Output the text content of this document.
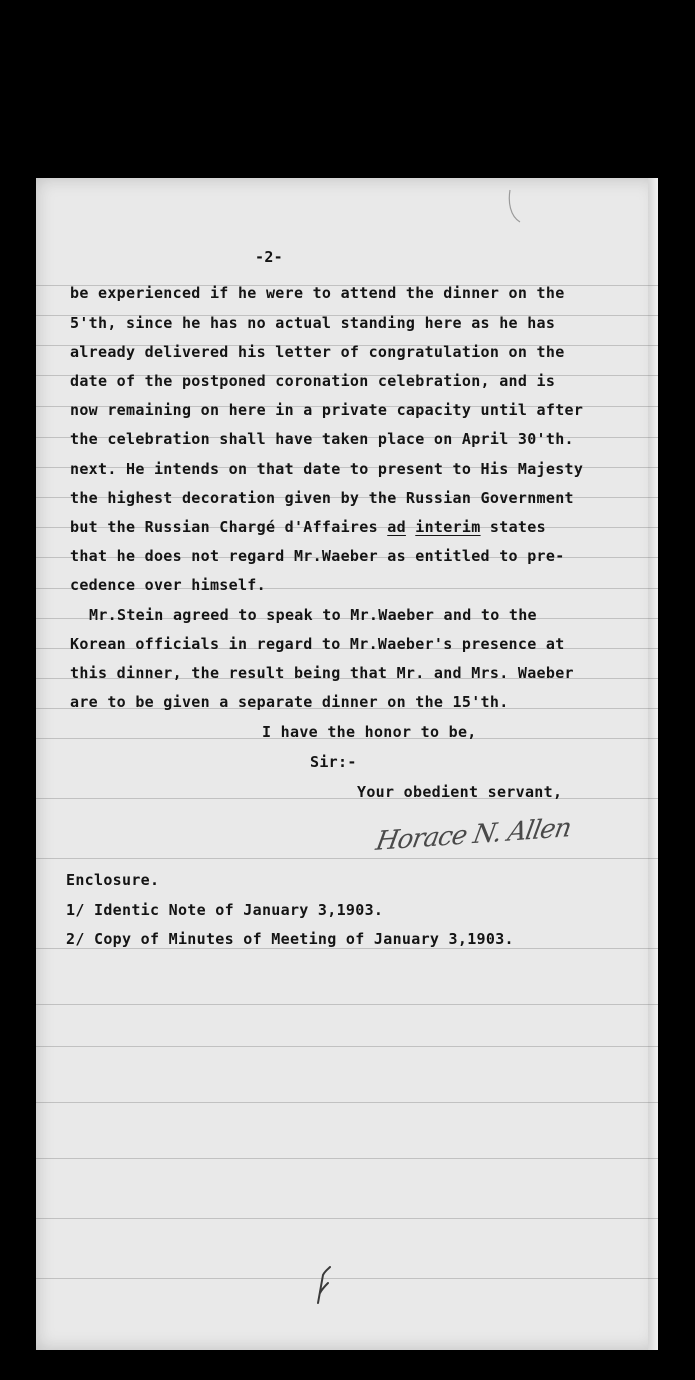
-2-
be experienced if he were to attend the dinner on the
5'th, since he has no actual standing here as he has
already delivered his letter of congratulation on the
date of the postponed coronation celebration, and is
now remaining on here in a private capacity until after
the celebration shall have taken place on April 30'th.
next. He intends on that date to present to His Majesty
the highest decoration given by the Russian Government
but the Russian Chargé d'Affaires ad interim states
that he does not regard Mr.Waeber as entitled to pre-
cedence over himself.
Mr.Stein agreed to speak to Mr.Waeber and to the
Korean officials in regard to Mr.Waeber's presence at
this dinner, the result being that Mr. and Mrs. Waeber
are to be given a separate dinner on the 15'th.
I have the honor to be,
Sir:-
Your obedient servant,
Horace N. Allen
Enclosure.
1/ Identic Note of January 3,1903.
2/ Copy of Minutes of Meeting of January 3,1903.
